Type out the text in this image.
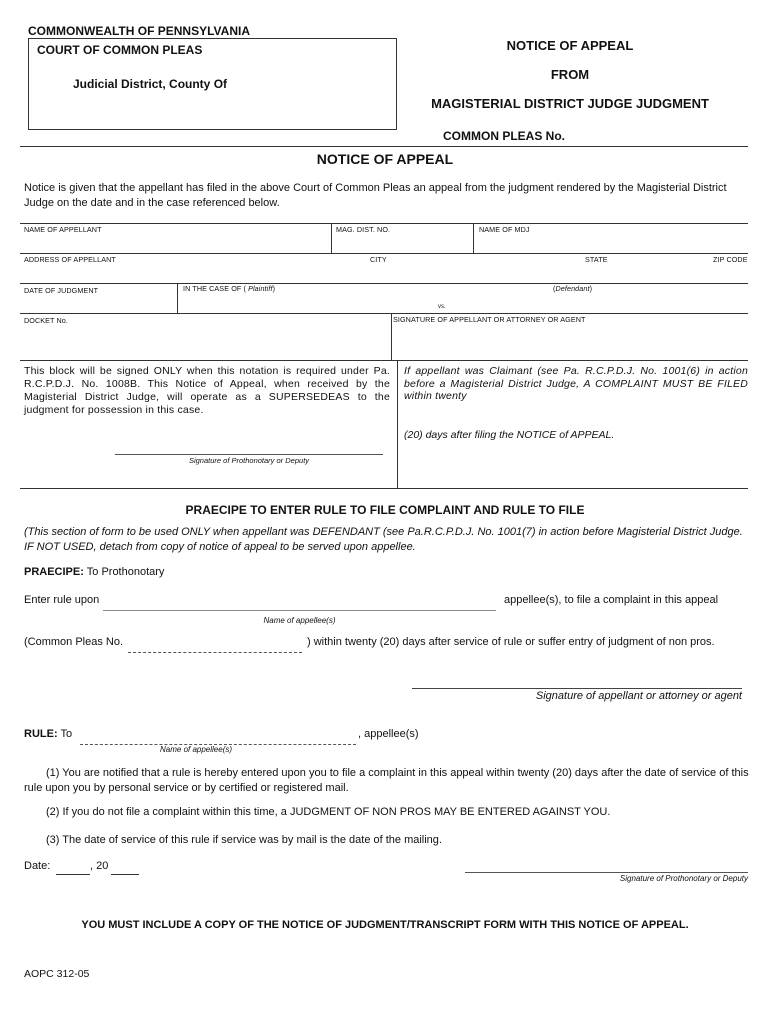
COMMONWEALTH OF PENNSYLVANIA
COURT OF COMMON PLEAS
Judicial District, County Of
NOTICE OF APPEAL
FROM
MAGISTERIAL DISTRICT JUDGE JUDGMENT
COMMON PLEAS No.
NOTICE OF APPEAL
Notice is given that the appellant has filed in the above Court of Common Pleas an appeal from the judgment rendered by the Magisterial District Judge on the date and in the case referenced below.
NAME OF APPELLANT	MAG. DIST. NO.	NAME OF MDJ
ADDRESS OF APPELLANT	CITY	STATE	ZIP CODE
DATE OF JUDGMENT	IN THE CASE OF ( Plaintiff)	(Defendant)
vs.
DOCKET No.	SIGNATURE OF APPELLANT OR ATTORNEY OR AGENT
This block will be signed ONLY when this notation is required under Pa. R.C.P.D.J. No. 1008B. This Notice of Appeal, when received by the Magisterial District Judge, will operate as a SUPERSEDEAS to the judgment for possession in this case.
Signature of Prothonotary or Deputy
If appellant was Claimant (see Pa. R.C.P.D.J. No. 1001(6) in action before a Magisterial District Judge, A COMPLAINT MUST BE FILED within twenty
(20) days after filing the NOTICE of APPEAL.
PRAECIPE TO ENTER RULE TO FILE COMPLAINT AND RULE TO FILE
(This section of form to be used ONLY when appellant was DEFENDANT (see Pa.R.C.P.D.J. No. 1001(7) in action before Magisterial District Judge. IF NOT USED, detach from copy of notice of appeal to be served upon appellee.
PRAECIPE: To Prothonotary
Enter rule upon	appellee(s), to file a complaint in this appeal
Name of appellee(s)
(Common Pleas No.	) within twenty (20) days after service of rule or suffer entry of judgment of non pros.
Signature of appellant or attorney or agent
RULE: To	, appellee(s)
Name of appellee(s)
(1) You are notified that a rule is hereby entered upon you to file a complaint in this appeal within twenty (20) days after the date of service of this rule upon you by personal service or by certified or registered mail.
(2) If you do not file a complaint within this time, a JUDGMENT OF NON PROS MAY BE ENTERED AGAINST YOU.
(3) The date of service of this rule if service was by mail is the date of the mailing.
Date:	, 20
Signature of Prothonotary or Deputy
YOU MUST INCLUDE A COPY OF THE NOTICE OF JUDGMENT/TRANSCRIPT FORM WITH THIS NOTICE OF APPEAL.
AOPC 312-05
